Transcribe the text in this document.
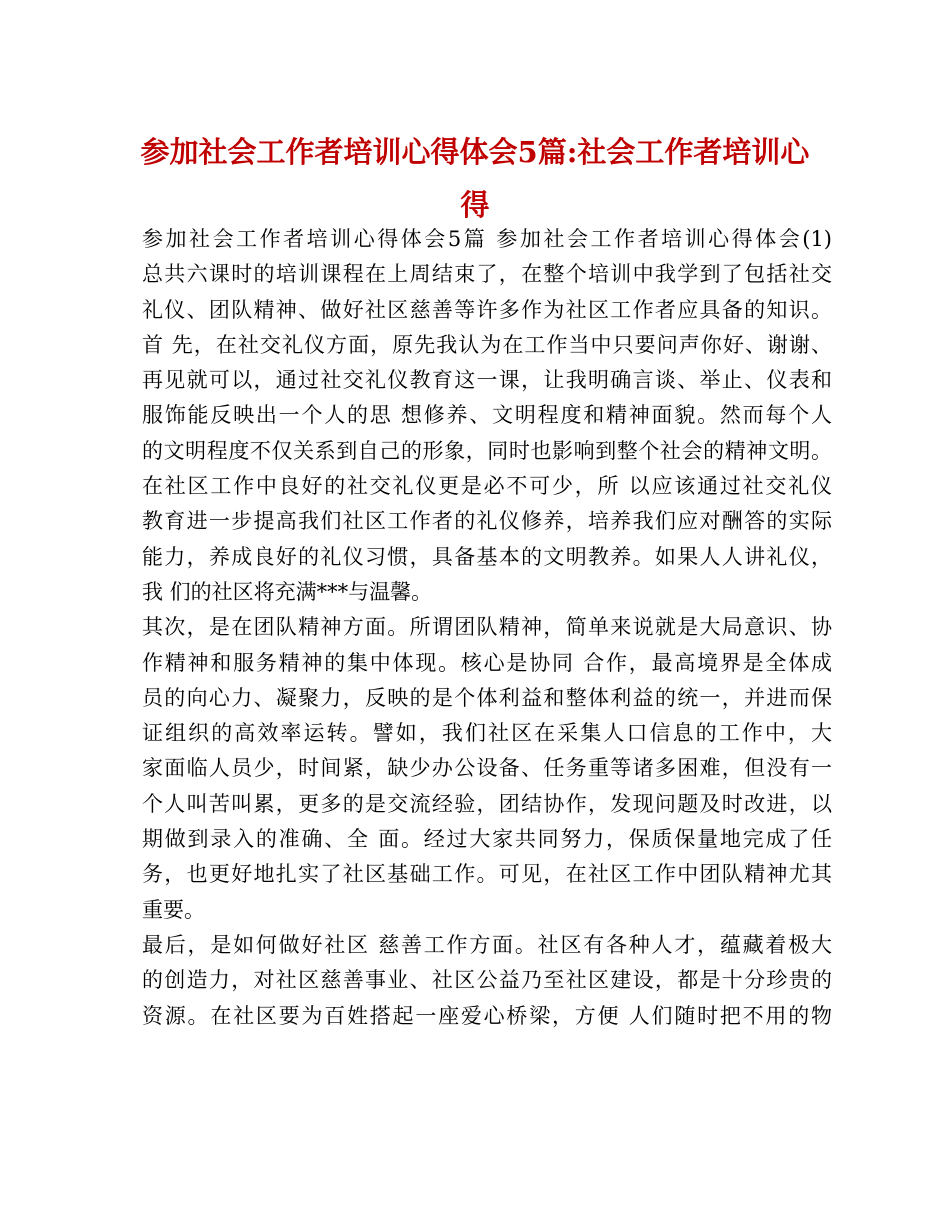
参加社会工作者培训心得体会5篇:社会工作者培训心
得
参加社会工作者培训心得体会5篇 参加社会工作者培训心得体会(1)
总共六课时的培训课程在上周结束了，在整个培训中我学到了包括社交
礼仪、团队精神、做好社区慈善等许多作为社区工作者应具备的知识。
首 先，在社交礼仪方面，原先我认为在工作当中只要问声你好、谢谢、
再见就可以，通过社交礼仪教育这一课，让我明确言谈、举止、仪表和
服饰能反映出一个人的思 想修养、文明程度和精神面貌。然而每个人
的文明程度不仅关系到自己的形象，同时也影响到整个社会的精神文明。
在社区工作中良好的社交礼仪更是必不可少，所 以应该通过社交礼仪
教育进一步提高我们社区工作者的礼仪修养，培养我们应对酬答的实际
能力，养成良好的礼仪习惯，具备基本的文明教养。如果人人讲礼仪，
我 们的社区将充满***与温馨。
其次，是在团队精神方面。所谓团队精神，简单来说就是大局意识、协
作精神和服务精神的集中体现。核心是协同 合作，最高境界是全体成
员的向心力、凝聚力，反映的是个体利益和整体利益的统一，并进而保
证组织的高效率运转。譬如，我们社区在采集人口信息的工作中，大
家面临人员少，时间紧，缺少办公设备、任务重等诸多困难，但没有一
个人叫苦叫累，更多的是交流经验，团结协作，发现问题及时改进，以
期做到录入的准确、全 面。经过大家共同努力，保质保量地完成了任
务，也更好地扎实了社区基础工作。可见，在社区工作中团队精神尤其
重要。
最后，是如何做好社区 慈善工作方面。社区有各种人才，蕴藏着极大
的创造力，对社区慈善事业、社区公益乃至社区建设，都是十分珍贵的
资源。在社区要为百姓搭起一座爱心桥梁，方便 人们随时把不用的物
